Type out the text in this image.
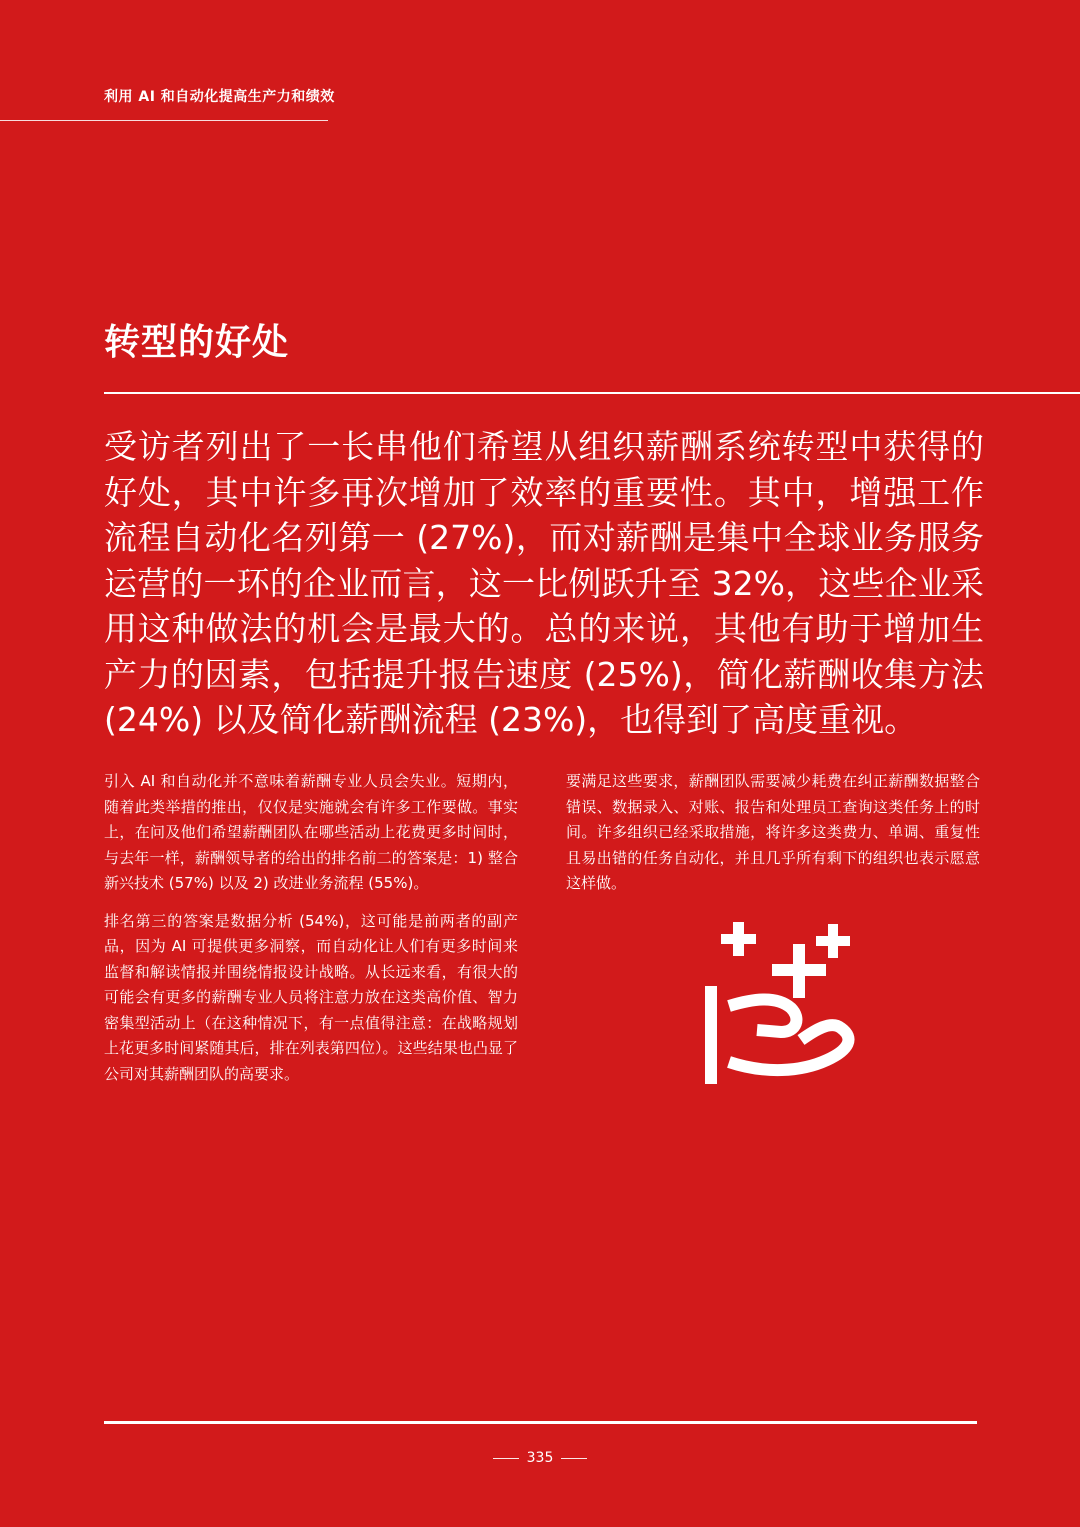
利用 AI 和自动化提高生产力和绩效
转型的好处

受访者列出了一长串他们希望从组织薪酬系统转型中获得的好处，其中许多再次增加了效率的重要性。其中，增强工作流程自动化名列第一 (27%)，而对薪酬是集中全球业务服务运营的一环的企业而言，这一比例跃升至 32%，这些企业采用这种做法的机会是最大的。总的来说，其他有助于增加生产力的因素，包括提升报告速度 (25%)，简化薪酬收集方法 (24%) 以及简化薪酬流程 (23%)，也得到了高度重视。

引入 AI 和自动化并不意味着薪酬专业人员会失业。短期内，随着此类举措的推出，仅仅是实施就会有许多工作要做。事实上，在问及他们希望薪酬团队在哪些活动上花费更多时间时，与去年一样，薪酬领导者的给出的排名前二的答案是：1) 整合新兴技术 (57%) 以及 2) 改进业务流程 (55%)。

排名第三的答案是数据分析 (54%)，这可能是前两者的副产品，因为 AI 可提供更多洞察，而自动化让人们有更多时间来监督和解读情报并围绕情报设计战略。从长远来看，有很大的可能会有更多的薪酬专业人员将注意力放在这类高价值、智力密集型活动上（在这种情况下，有一点值得注意：在战略规划上花更多时间紧随其后，排在列表第四位）。这些结果也凸显了公司对其薪酬团队的高要求。

要满足这些要求，薪酬团队需要减少耗费在纠正薪酬数据整合错误、数据录入、对账、报告和处理员工查询这类任务上的时间。许多组织已经采取措施，将许多这类费力、单调、重复性且易出错的任务自动化，并且几乎所有剩下的组织也表示愿意这样做。

335
